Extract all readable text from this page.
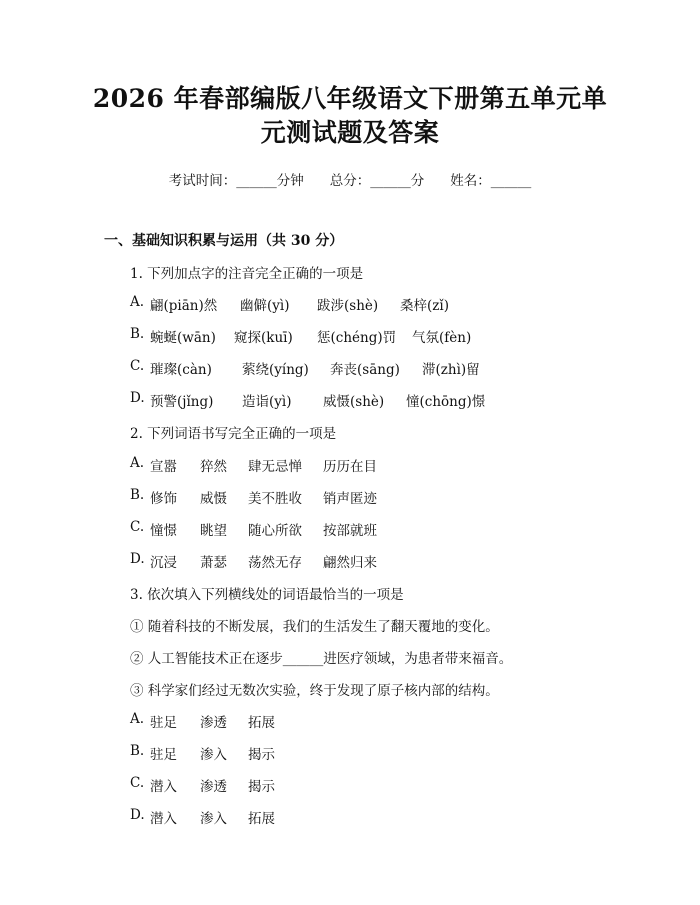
2026 年春部编版八年级语文下册第五单元单
元测试题及答案
考试时间：______分钟 总分：______分 姓名：______
一、基础知识积累与运用（共 30 分）
1. 下列加点字的注音完全正确的一项是
A. 翩(piān)然 幽僻(yì) 跋涉(shè) 桑梓(zǐ)
B. 蜿蜒(wān) 窥探(kuī) 惩(chéng)罚 气氛(fèn)
C. 璀璨(càn) 萦绕(yíng) 奔丧(sāng) 滞(zhì)留
D. 预警(jǐng) 造诣(yì) 威慑(shè) 憧(chōng)憬
2. 下列词语书写完全正确的一项是
A. 宣嚣 猝然 肆无忌惮 历历在目
B. 修饰 威慑 美不胜收 销声匿迹
C. 憧憬 眺望 随心所欲 按部就班
D. 沉浸 萧瑟 荡然无存 翩然归来
3. 依次填入下列横线处的词语最恰当的一项是
① 随着科技的不断发展，我们的生活发生了翻天覆地的变化。
② 人工智能技术正在逐步______进医疗领域，为患者带来福音。
③ 科学家们经过无数次实验，终于发现了原子核内部的结构。
A. 驻足 渗透 拓展
B. 驻足 渗入 揭示
C. 潜入 渗透 揭示
D. 潜入 渗入 拓展
